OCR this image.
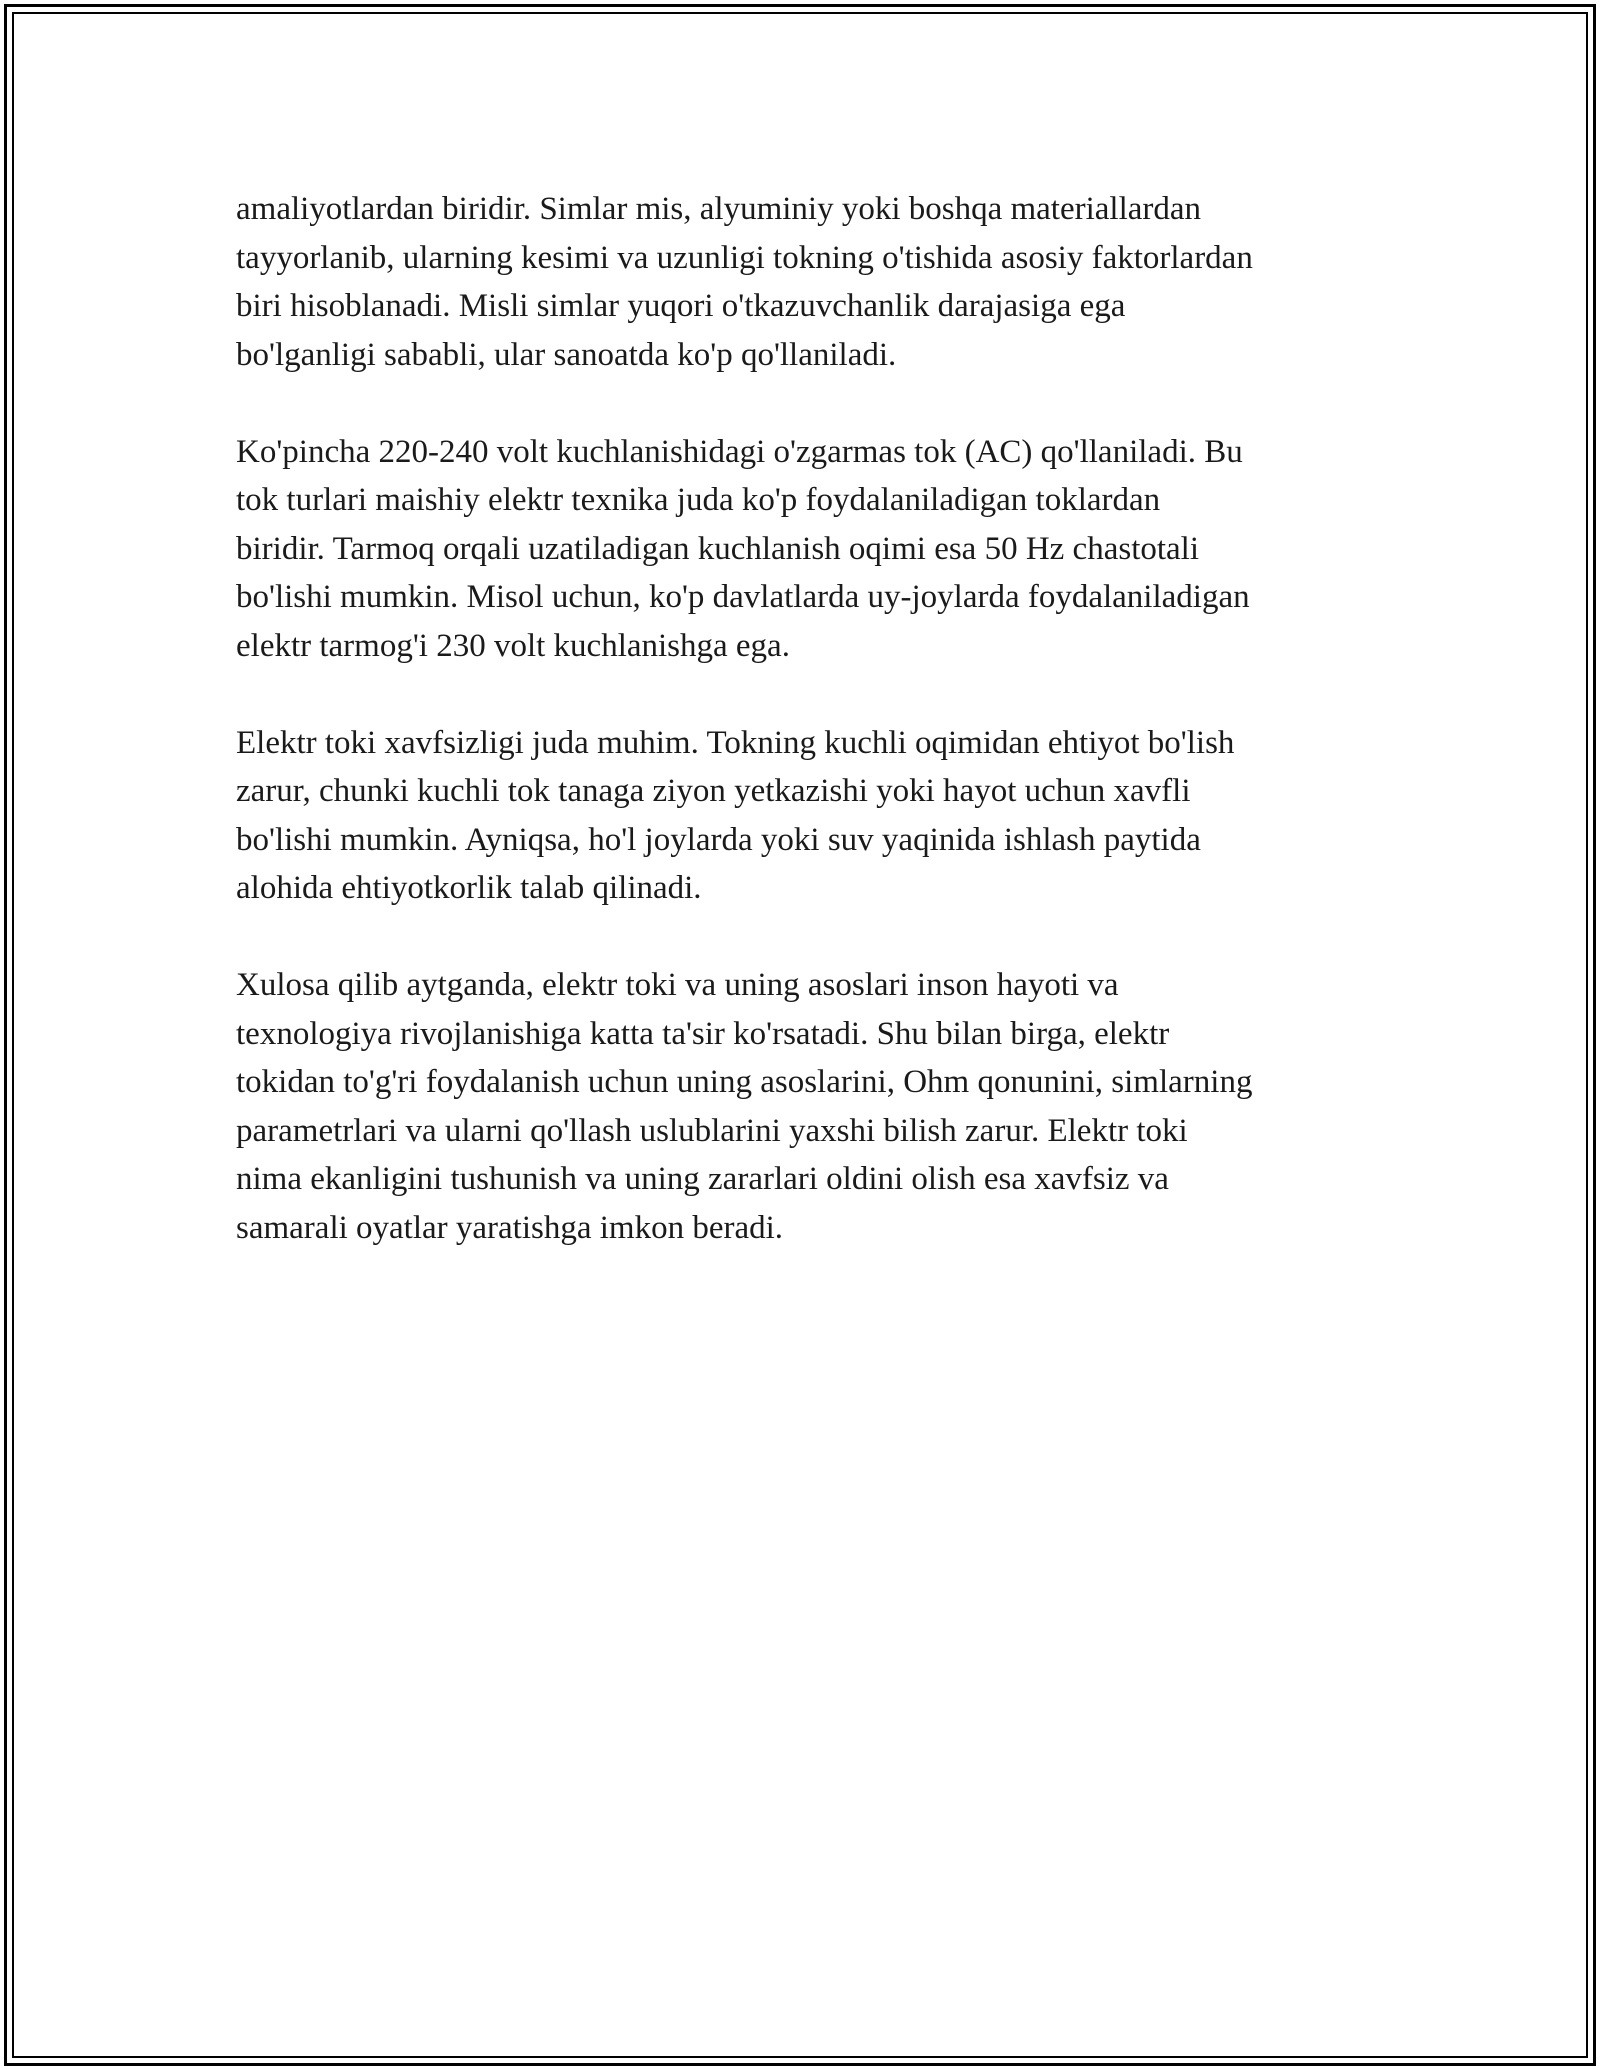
amaliyotlardan biridir. Simlar mis, alyuminiy yoki boshqa materiallardan
tayyorlanib, ularning kesimi va uzunligi tokning o'tishida asosiy faktorlardan
biri hisoblanadi. Misli simlar yuqori o'tkazuvchanlik darajasiga ega
bo'lganligi sababli, ular sanoatda ko'p qo'llaniladi.

Ko'pincha 220-240 volt kuchlanishidagi o'zgarmas tok (AC) qo'llaniladi. Bu
tok turlari maishiy elektr texnika juda ko'p foydalaniladigan toklardan
biridir. Tarmoq orqali uzatiladigan kuchlanish oqimi esa 50 Hz chastotali
bo'lishi mumkin. Misol uchun, ko'p davlatlarda uy-joylarda foydalaniladigan
elektr tarmog'i 230 volt kuchlanishga ega.

Elektr toki xavfsizligi juda muhim. Tokning kuchli oqimidan ehtiyot bo'lish
zarur, chunki kuchli tok tanaga ziyon yetkazishi yoki hayot uchun xavfli
bo'lishi mumkin. Ayniqsa, ho'l joylarda yoki suv yaqinida ishlash paytida
alohida ehtiyotkorlik talab qilinadi.

Xulosa qilib aytganda, elektr toki va uning asoslari inson hayoti va
texnologiya rivojlanishiga katta ta'sir ko'rsatadi. Shu bilan birga, elektr
tokidan to'g'ri foydalanish uchun uning asoslarini, Ohm qonunini, simlarning
parametrlari va ularni qo'llash uslublarini yaxshi bilish zarur. Elektr toki
nima ekanligini tushunish va uning zararlari oldini olish esa xavfsiz va
samarali oyatlar yaratishga imkon beradi.
